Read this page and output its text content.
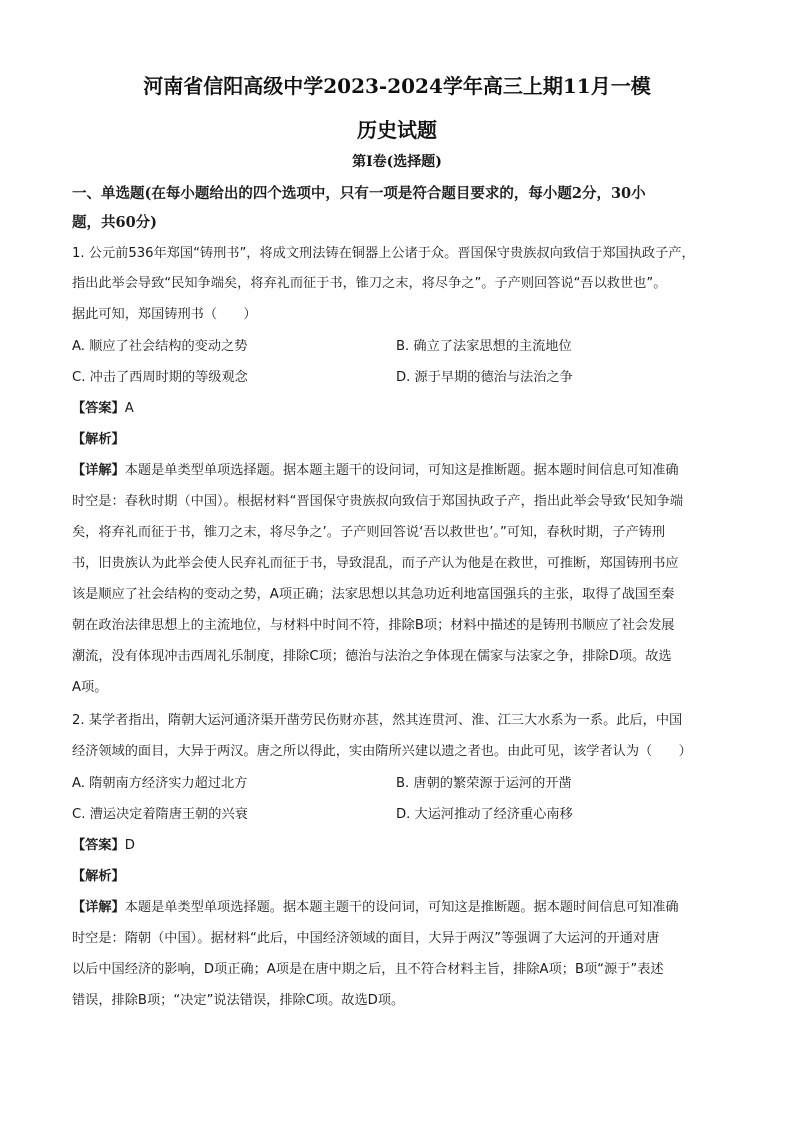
河南省信阳高级中学2023-2024学年高三上期11月一模
历史试题
第I卷(选择题)
一、单选题(在每小题给出的四个选项中，只有一项是符合题目要求的，每小题2分，30小
题，共60分)
1. 公元前536年郑国“铸刑书”，将成文刑法铸在铜器上公诸于众。晋国保守贵族叔向致信于郑国执政子产，
指出此举会导致“民知争端矣，将弃礼而征于书，锥刀之末，将尽争之”。子产则回答说“吾以救世也”。
据此可知，郑国铸刑书（　　）
A. 顺应了社会结构的变动之势	B. 确立了法家思想的主流地位
C. 冲击了西周时期的等级观念	D. 源于早期的德治与法治之争
【答案】A
【解析】
【详解】本题是单类型单项选择题。据本题主题干的设问词，可知这是推断题。据本题时间信息可知准确
时空是：春秋时期（中国）。根据材料“晋国保守贵族叔向致信于郑国执政子产，指出此举会导致‘民知争端
矣，将弃礼而征于书，锥刀之末，将尽争之’。子产则回答说‘吾以救世也’。”可知，春秋时期，子产铸刑
书，旧贵族认为此举会使人民弃礼而征于书，导致混乱，而子产认为他是在救世，可推断，郑国铸刑书应
该是顺应了社会结构的变动之势，A项正确；法家思想以其急功近利地富国强兵的主张，取得了战国至秦
朝在政治法律思想上的主流地位，与材料中时间不符，排除B项；材料中描述的是铸刑书顺应了社会发展
潮流，没有体现冲击西周礼乐制度，排除C项；德治与法治之争体现在儒家与法家之争，排除D项。故选
A项。
2. 某学者指出，隋朝大运河通济渠开凿劳民伤财亦甚，然其连贯河、淮、江三大水系为一系。此后，中国
经济领域的面目，大异于两汉。唐之所以得此，实由隋所兴建以遗之者也。由此可见，该学者认为（　　）
A. 隋朝南方经济实力超过北方	B. 唐朝的繁荣源于运河的开凿
C. 漕运决定着隋唐王朝的兴衰	D. 大运河推动了经济重心南移
【答案】D
【解析】
【详解】本题是单类型单项选择题。据本题主题干的设问词，可知这是推断题。据本题时间信息可知准确
时空是：隋朝（中国）。据材料“此后，中国经济领域的面目，大异于两汉”等强调了大运河的开通对唐
以后中国经济的影响，D项正确；A项是在唐中期之后，且不符合材料主旨，排除A项；B项“源于”表述
错误，排除B项；“决定”说法错误，排除C项。故选D项。
